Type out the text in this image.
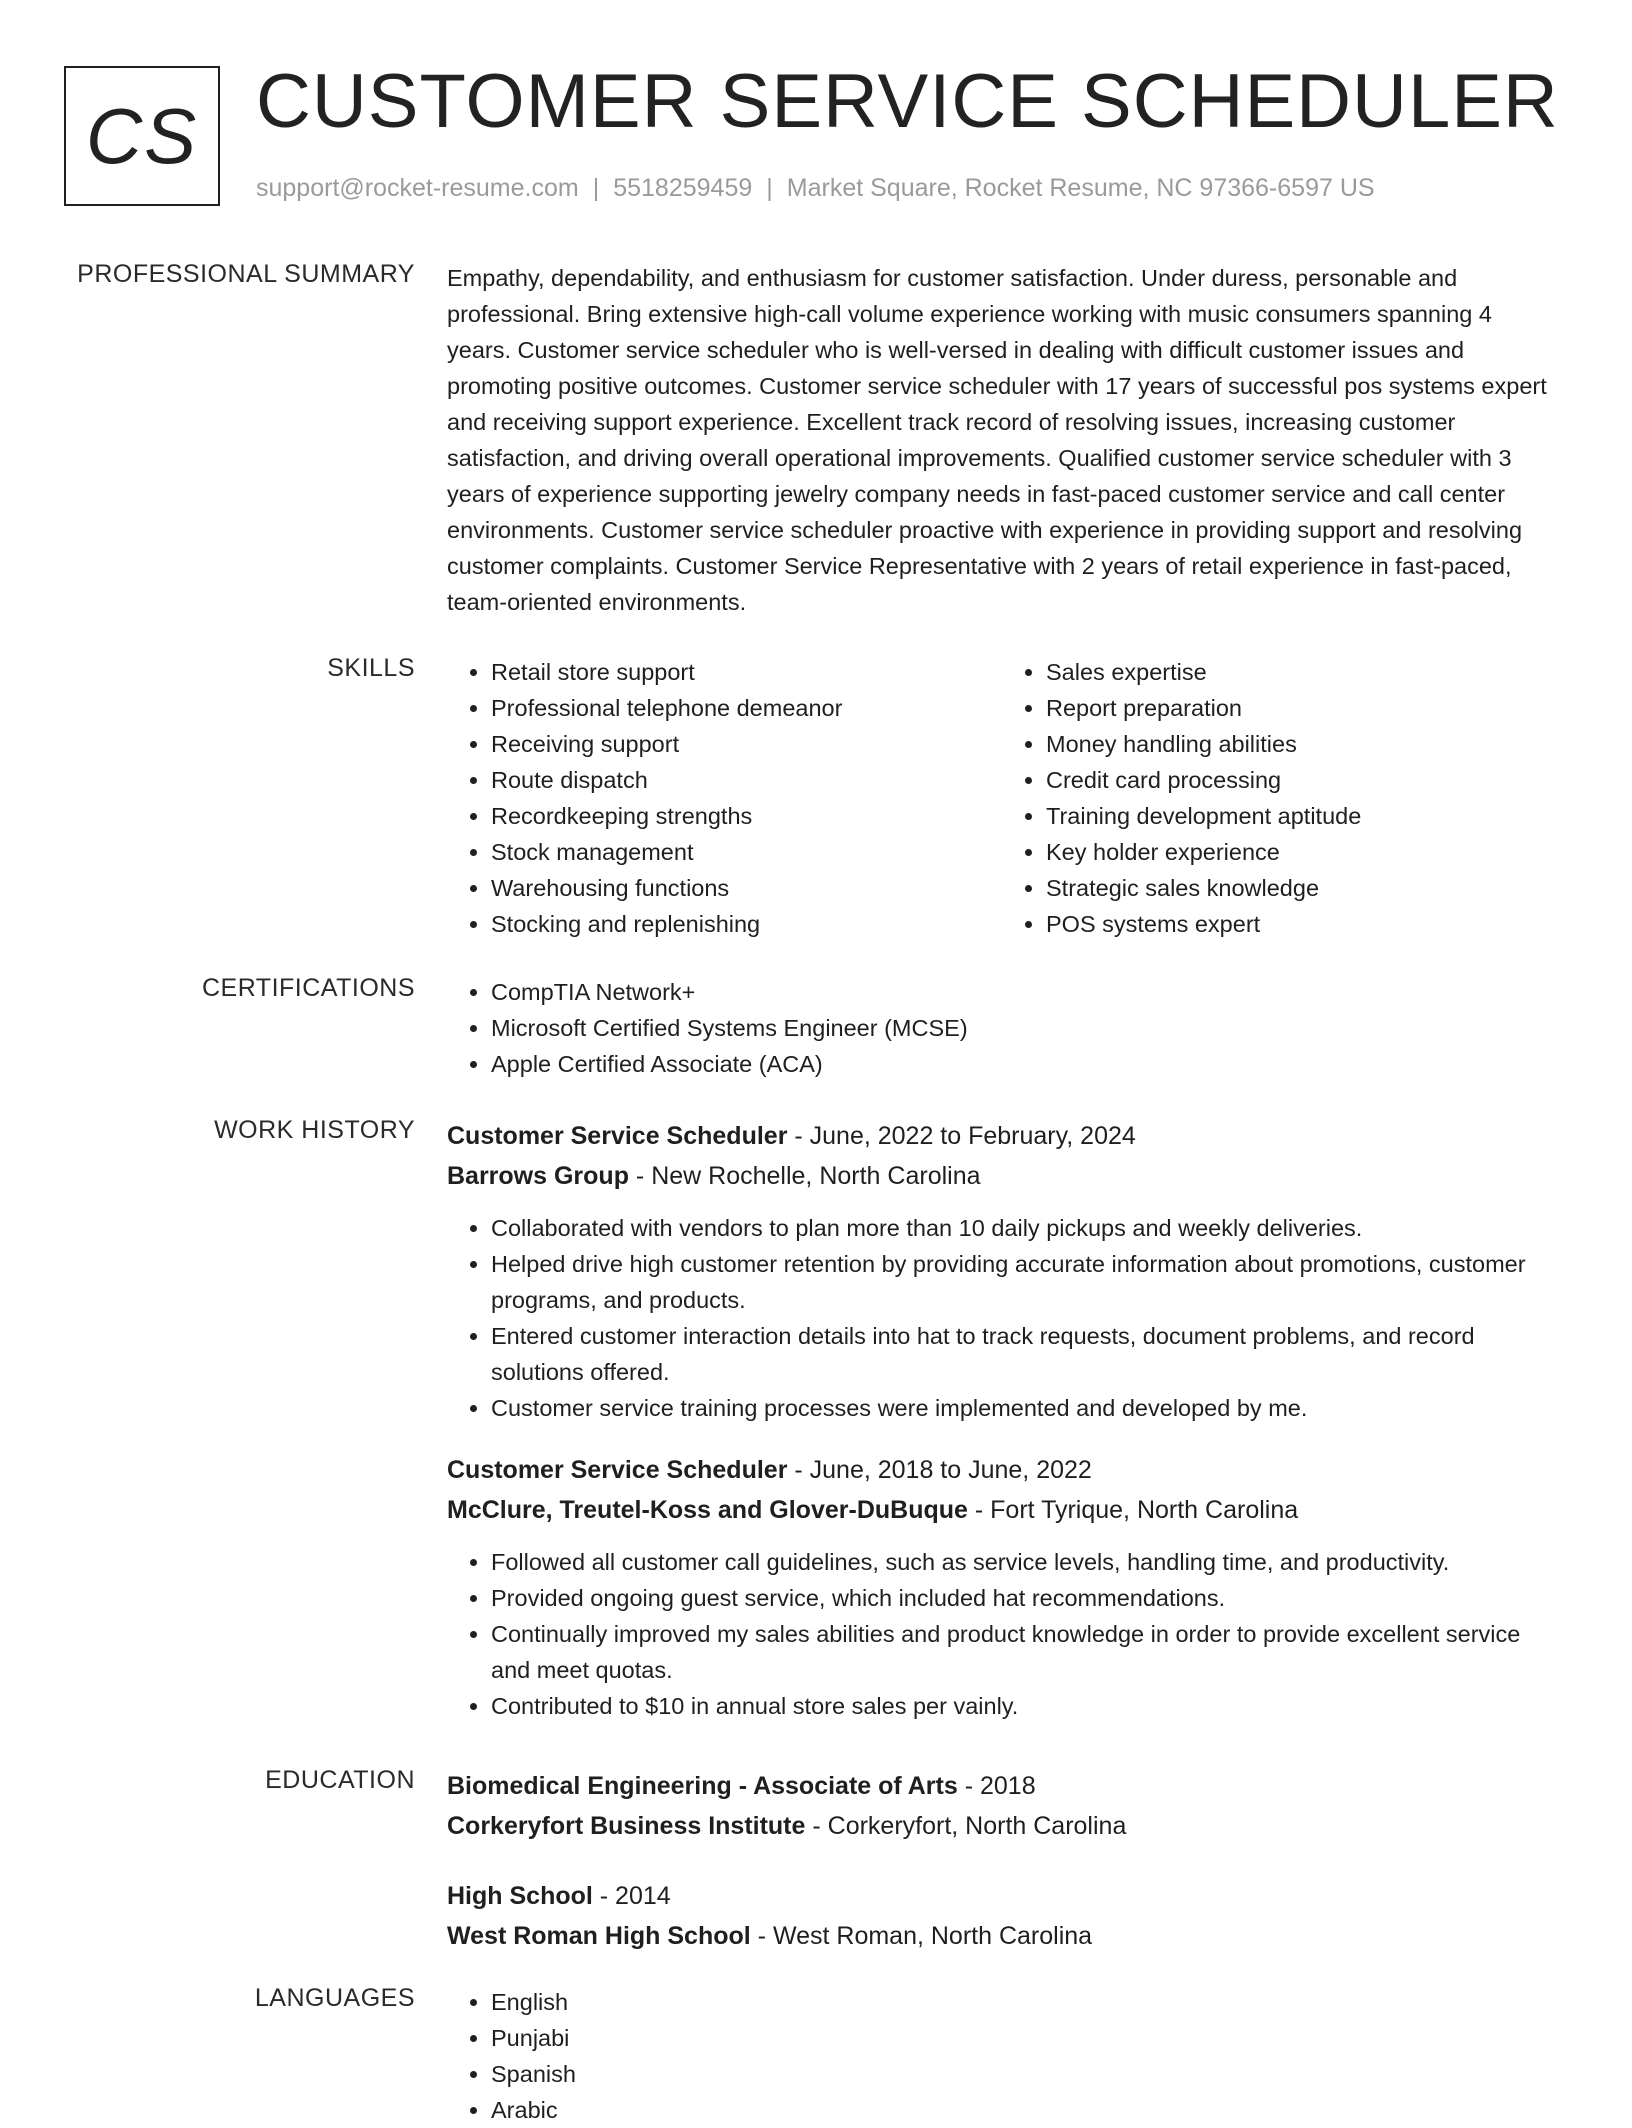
CS CUSTOMER SERVICE SCHEDULER
support@rocket-resume.com | 5518259459 | Market Square, Rocket Resume, NC 97366-6597 US
PROFESSIONAL SUMMARY Empathy, dependability, and enthusiasm for customer satisfaction. Under duress, personable and professional. Bring extensive high-call volume experience working with music consumers spanning 4 years. Customer service scheduler who is well-versed in dealing with difficult customer issues and promoting positive outcomes. Customer service scheduler with 17 years of successful pos systems expert and receiving support experience. Excellent track record of resolving issues, increasing customer satisfaction, and driving overall operational improvements. Qualified customer service scheduler with 3 years of experience supporting jewelry company needs in fast-paced customer service and call center environments. Customer service scheduler proactive with experience in providing support and resolving customer complaints. Customer Service Representative with 2 years of retail experience in fast-paced, team-oriented environments.

SKILLS	• Retail store support
• Professional telephone demeanor
• Receiving support
• Route dispatch
• Recordkeeping strengths
• Stock management
• Warehousing functions
• Stocking and replenishing
• Sales expertise
• Report preparation
• Money handling abilities
• Credit card processing
• Training development aptitude
• Key holder experience
• Strategic sales knowledge
• POS systems expert
CERTIFICATIONS	• CompTIA Network+
• Microsoft Certified Systems Engineer (MCSE)
• Apple Certified Associate (ACA)
WORK HISTORY Customer Service Scheduler - June, 2022 to February, 2024
Barrows Group - New Rochelle, North Carolina
• Collaborated with vendors to plan more than 10 daily pickups and weekly deliveries.
• Helped drive high customer retention by providing accurate information about promotions, customer programs, and products.
• Entered customer interaction details into hat to track requests, document problems, and record solutions offered.
• Customer service training processes were implemented and developed by me.
Customer Service Scheduler - June, 2018 to June, 2022
McClure, Treutel-Koss and Glover-DuBuque - Fort Tyrique, North Carolina
• Followed all customer call guidelines, such as service levels, handling time, and productivity.
• Provided ongoing guest service, which included hat recommendations.
• Continually improved my sales abilities and product knowledge in order to provide excellent service and meet quotas.
• Contributed to $10 in annual store sales per vainly.
EDUCATION Biomedical Engineering - Associate of Arts - 2018
Corkeryfort Business Institute - Corkeryfort, North Carolina
High School - 2014
West Roman High School - West Roman, North Carolina
LANGUAGES	• English
• Punjabi
• Spanish
• Arabic
